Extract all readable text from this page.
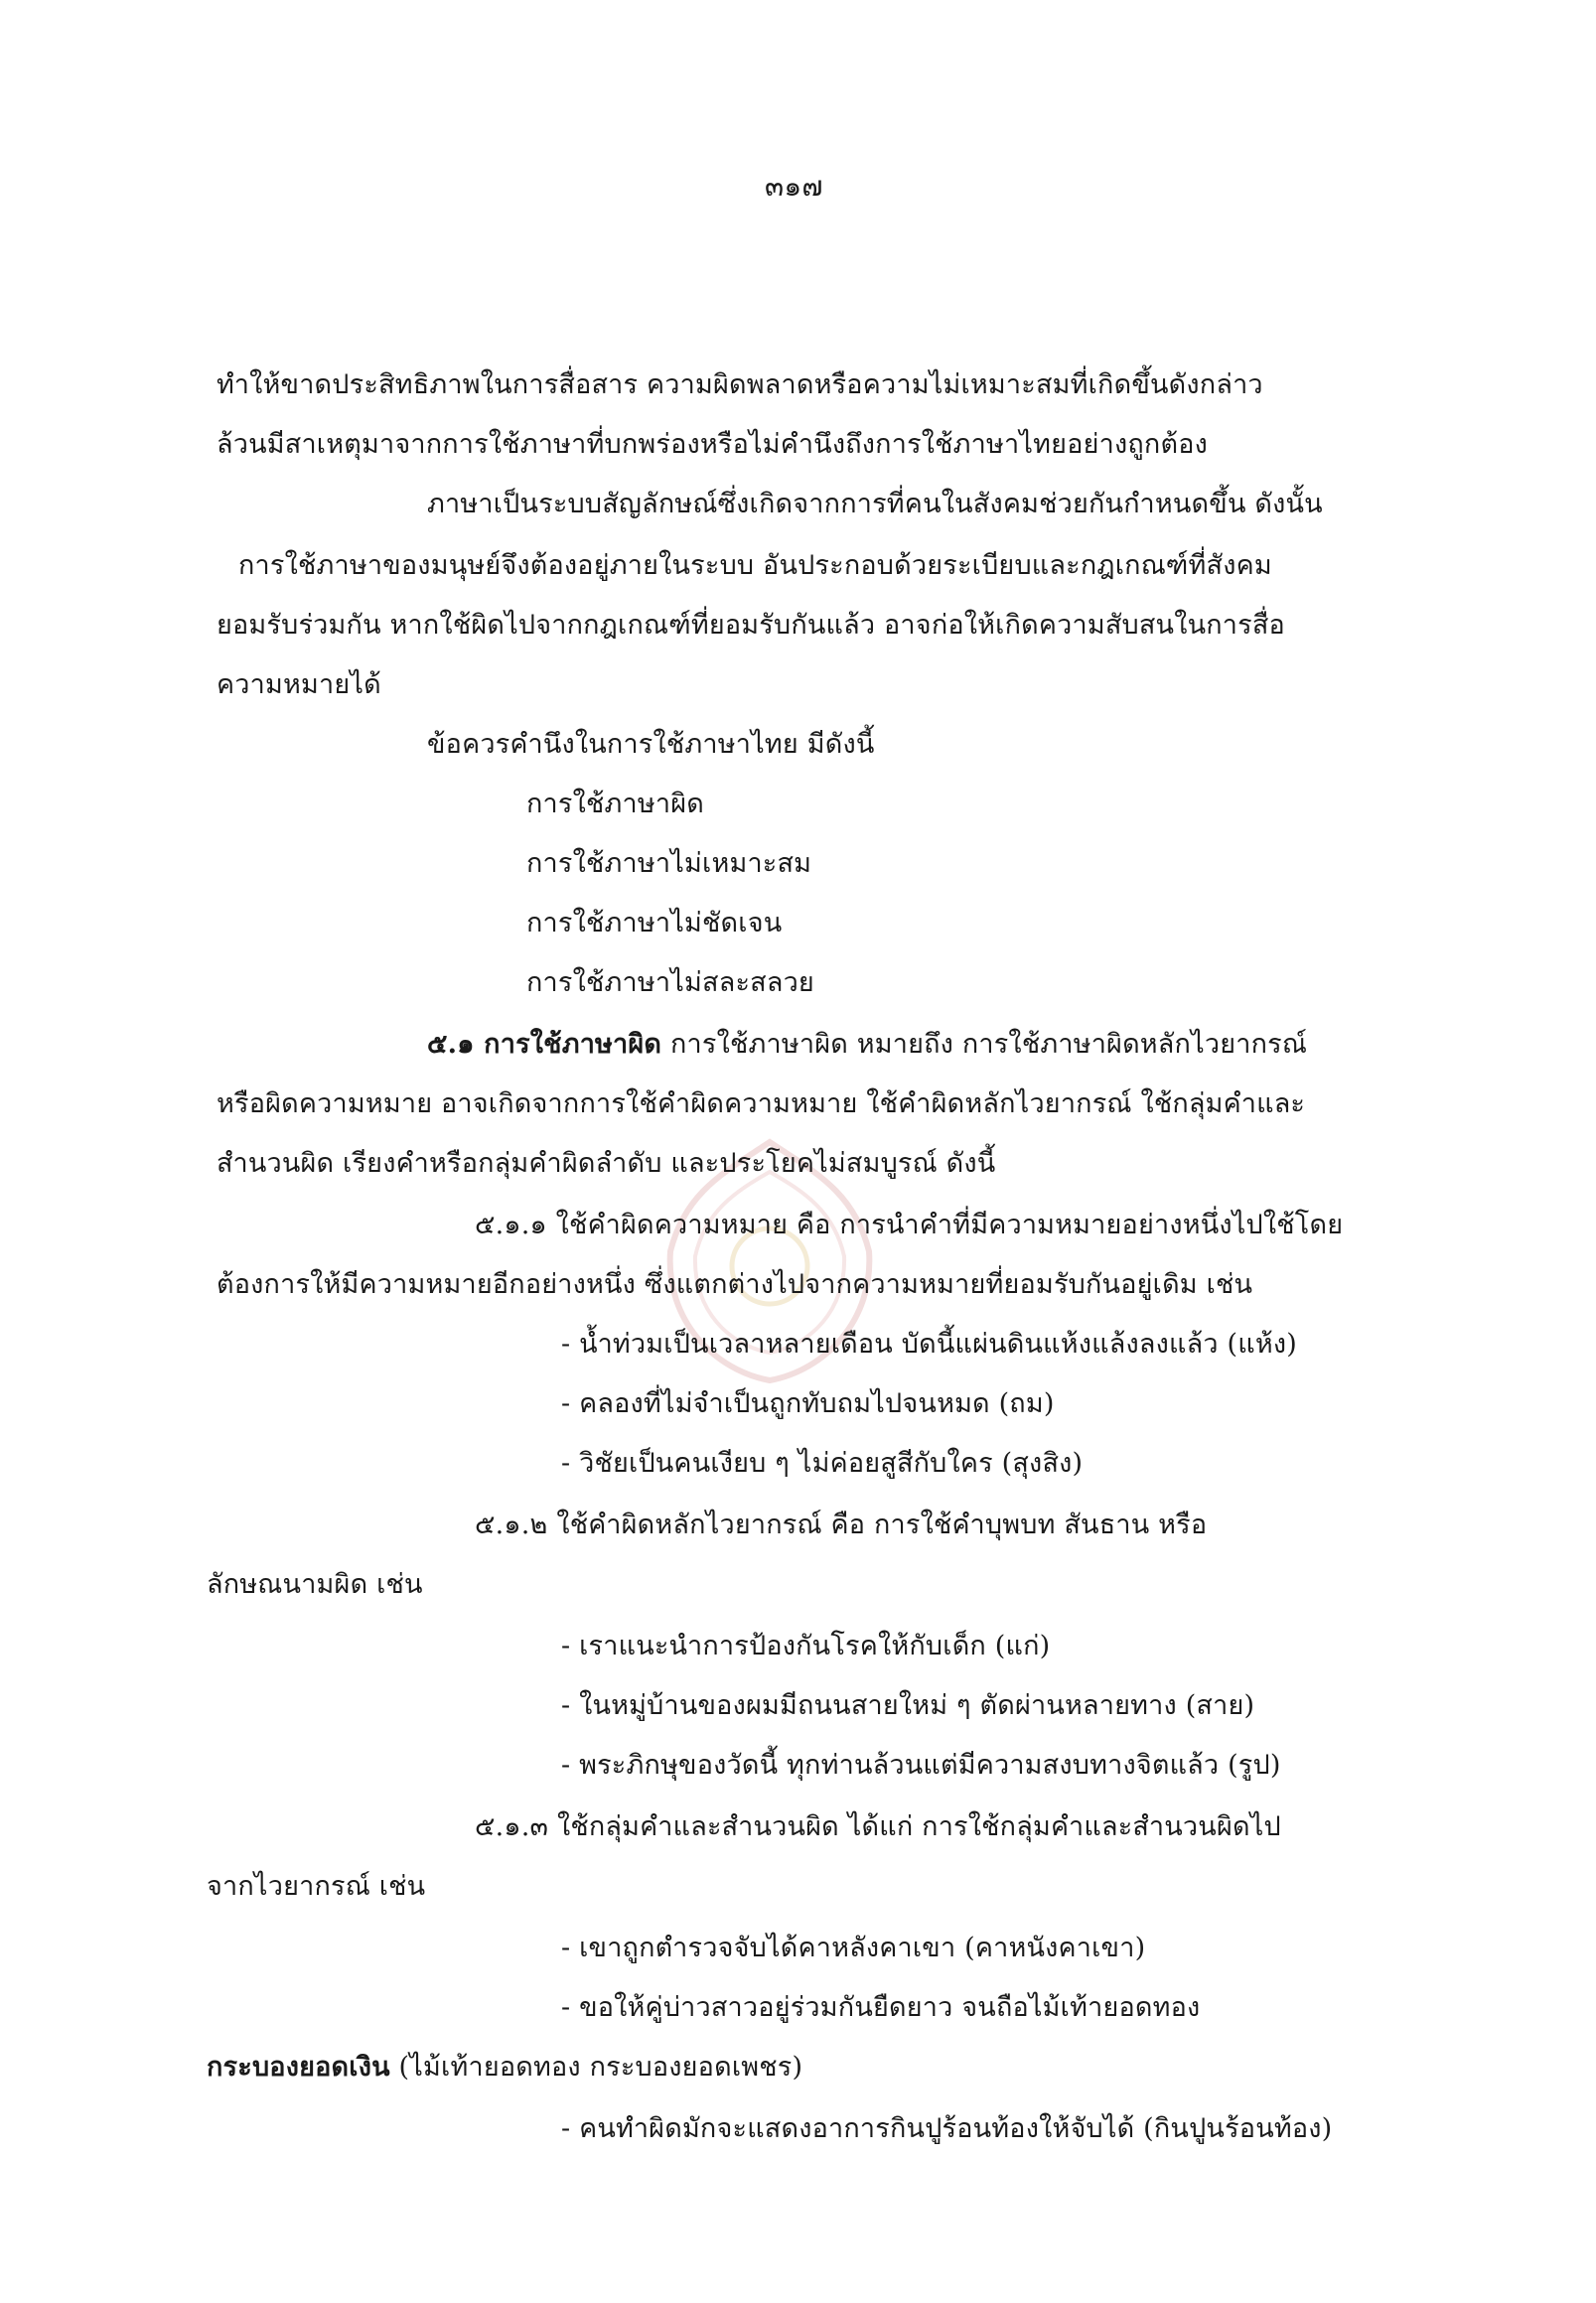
๓๑๗
ทำให้ขาดประสิทธิภาพในการสื่อสาร ความผิดพลาดหรือความไม่เหมาะสมที่เกิดขึ้นดังกล่าว
ล้วนมีสาเหตุมาจากการใช้ภาษาที่บกพร่องหรือไม่คำนึงถึงการใช้ภาษาไทยอย่างถูกต้อง
ภาษาเป็นระบบสัญลักษณ์ซึ่งเกิดจากการที่คนในสังคมช่วยกันกำหนดขึ้น ดังนั้น
การใช้ภาษาของมนุษย์จึงต้องอยู่ภายในระบบ อันประกอบด้วยระเบียบและกฎเกณฑ์ที่สังคม
ยอมรับร่วมกัน หากใช้ผิดไปจากกฎเกณฑ์ที่ยอมรับกันแล้ว อาจก่อให้เกิดความสับสนในการสื่อ
ความหมายได้
ข้อควรคำนึงในการใช้ภาษาไทย มีดังนี้
การใช้ภาษาผิด
การใช้ภาษาไม่เหมาะสม
การใช้ภาษาไม่ชัดเจน
การใช้ภาษาไม่สละสลวย
๕.๑ การใช้ภาษาผิด การใช้ภาษาผิด หมายถึง การใช้ภาษาผิดหลักไวยากรณ์
หรือผิดความหมาย อาจเกิดจากการใช้คำผิดความหมาย ใช้คำผิดหลักไวยากรณ์ ใช้กลุ่มคำและ
สำนวนผิด เรียงคำหรือกลุ่มคำผิดลำดับ และประโยคไม่สมบูรณ์ ดังนี้
๕.๑.๑ ใช้คำผิดความหมาย คือ การนำคำที่มีความหมายอย่างหนึ่งไปใช้โดย
ต้องการให้มีความหมายอีกอย่างหนึ่ง ซึ่งแตกต่างไปจากความหมายที่ยอมรับกันอยู่เดิม เช่น
- น้ำท่วมเป็นเวลาหลายเดือน บัดนี้แผ่นดินแห้งแล้งลงแล้ว (แห้ง)
- คลองที่ไม่จำเป็นถูกทับถมไปจนหมด (ถม)
- วิชัยเป็นคนเงียบ ๆ ไม่ค่อยสูสีกับใคร (สุงสิง)
๕.๑.๒ ใช้คำผิดหลักไวยากรณ์ คือ การใช้คำบุพบท สันธาน หรือ
ลักษณนามผิด เช่น
- เราแนะนำการป้องกันโรคให้กับเด็ก (แก่)
- ในหมู่บ้านของผมมีถนนสายใหม่ ๆ ตัดผ่านหลายทาง (สาย)
- พระภิกษุของวัดนี้ ทุกท่านล้วนแต่มีความสงบทางจิตแล้ว (รูป)
๕.๑.๓ ใช้กลุ่มคำและสำนวนผิด ได้แก่ การใช้กลุ่มคำและสำนวนผิดไป
จากไวยากรณ์ เช่น
- เขาถูกตำรวจจับได้คาหลังคาเขา (คาหนังคาเขา)
- ขอให้คู่บ่าวสาวอยู่ร่วมกันยืดยาว จนถือไม้เท้ายอดทอง
กระบองยอดเงิน (ไม้เท้ายอดทอง กระบองยอดเพชร)
- คนทำผิดมักจะแสดงอาการกินปูร้อนท้องให้จับได้ (กินปูนร้อนท้อง)
